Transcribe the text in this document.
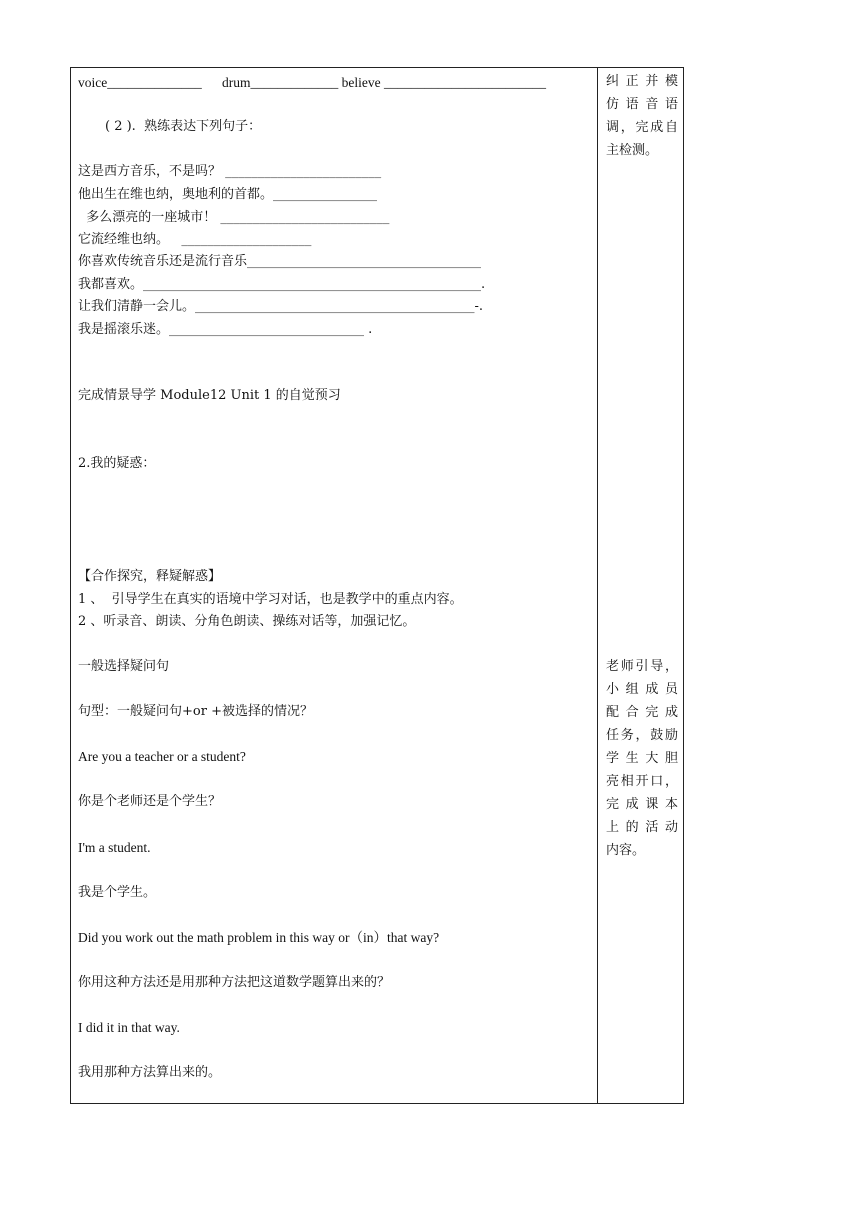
voice______________      drum_____________ believe ________________________
( 2 ).  熟练表达下列句子：
这是西方音乐，不是吗？ ________________________
他出生在维也纳，奥地利的首都。________________
多么漂亮的一座城市！ __________________________
它流经维也纳。   ____________________
你喜欢传统音乐还是流行音乐____________________________________
我都喜欢。____________________________________________________.
让我们清静一会儿。___________________________________________-.
我是摇滚乐迷。______________________________ .
完成情景导学 Module12 Unit 1 的自觉预习
2.我的疑惑：
【合作探究，释疑解惑】
1 、  引导学生在真实的语境中学习对话，也是教学中的重点内容。
2 、听录音、朗读、分角色朗读、操练对话等，加强记忆。
一般选择疑问句
句型：一般疑问句+or +被选择的情况？
Are you a teacher or a student?
你是个老师还是个学生？
I'm a student.
我是个学生。
Did you work out the math problem in this way or（in）that way?
你用这种方法还是用那种方法把这道数学题算出来的？
I did it in that way.
我用那种方法算出来的。
纠 正 并 模
仿 语 音 语
调，完成自
主检测。
老师引导，
小 组 成 员
配 合 完 成
任务，鼓励
学 生 大 胆
亮相开口，
完 成 课 本
上 的 活 动
内容。
